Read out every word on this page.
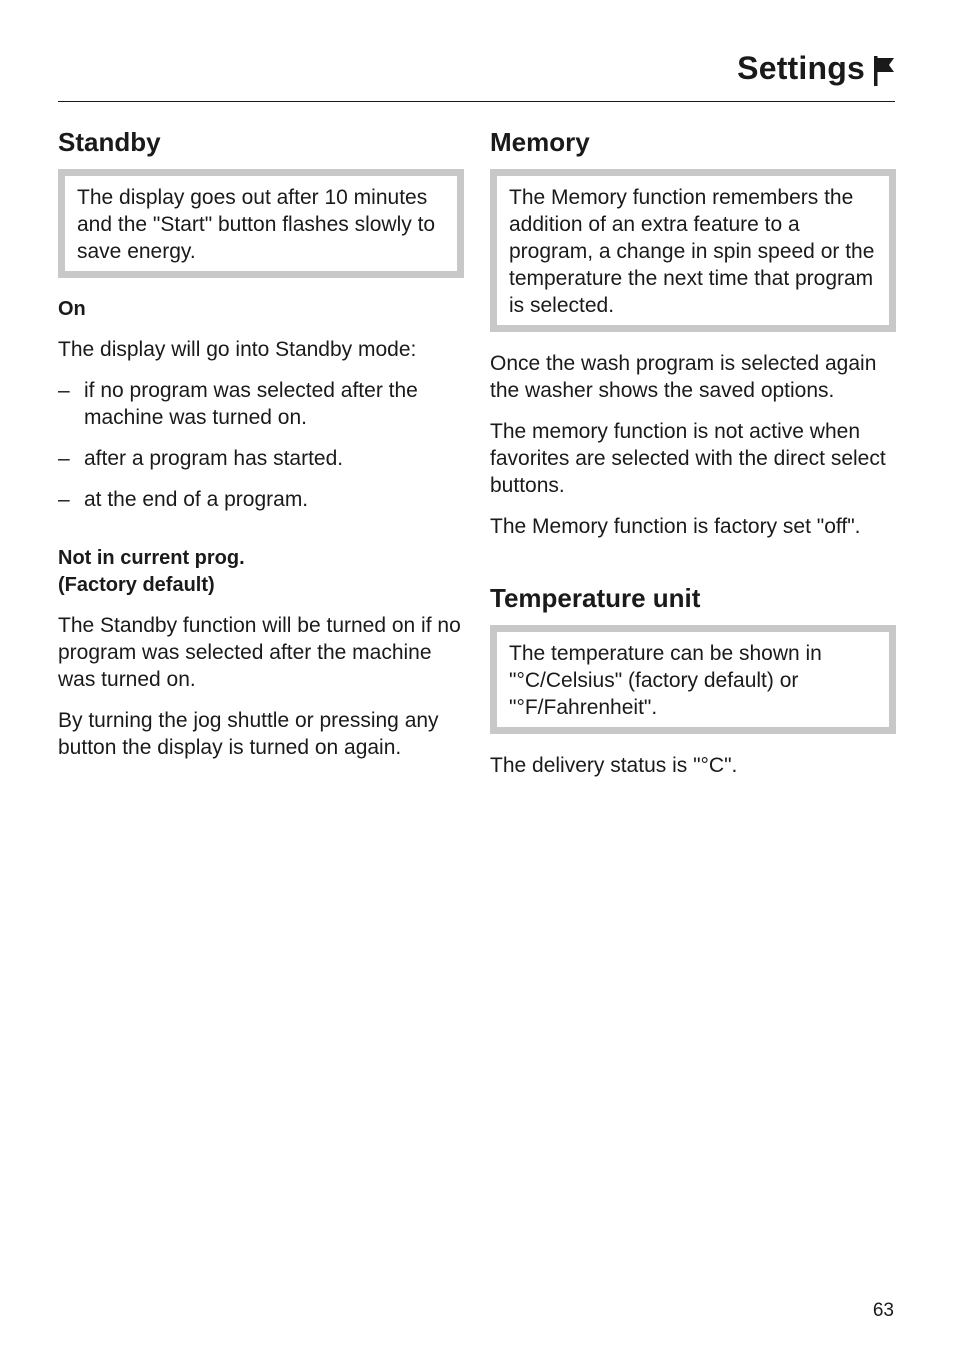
Settings
Standby
The display goes out after 10 minutes and the "Start" button flashes slowly to save energy.
On

The display will go into Standby mode:

– if no program was selected after the machine was turned on.
– after a program has started.
– at the end of a program.
Not in current prog.
(Factory default)

The Standby function will be turned on if no program was selected after the machine was turned on.

By turning the jog shuttle or pressing any button the display is turned on again.

Memory
The Memory function remembers the addition of an extra feature to a program, a change in spin speed or the temperature the next time that program is selected.

Once the wash program is selected again the washer shows the saved options.

The memory function is not active when favorites are selected with the direct select buttons.

The Memory function is factory set "off".

Temperature unit
The temperature can be shown in "°C/Celsius" (factory default) or "°F/Fahrenheit".

The delivery status is "°C".

63
